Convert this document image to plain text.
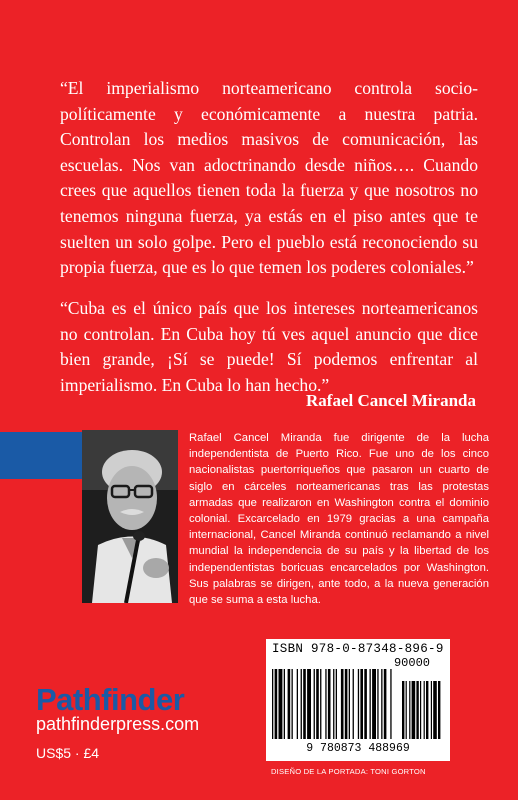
“El imperialismo norteamericano controla socio-políticamente y económicamente a nuestra patria. Controlan los medios masivos de comunicación, las escuelas. Nos van adoctrinando desde niños…. Cuando crees que aquellos tienen toda la fuerza y que nosotros no tenemos ninguna fuerza, ya estás en el piso antes que te suelten un solo golpe. Pero el pueblo está reconociendo su propia fuerza, que es lo que temen los poderes coloniales.”
“Cuba es el único país que los intereses norteamericanos no controlan. En Cuba hoy tú ves aquel anuncio que dice bien grande, ¡Sí se puede! Sí podemos enfrentar al imperialismo. En Cuba lo han hecho.”
Rafael Cancel Miranda
Rafael Cancel Miranda fue dirigente de la lucha independentista de Puerto Rico. Fue uno de los cinco nacionalistas puertorriqueños que pasaron un cuarto de siglo en cárceles norteamericanas tras las protestas armadas que realizaron en Washington contra el dominio colonial. Excarcelado en 1979 gracias a una campaña internacional, Cancel Miranda continuó reclamando a nivel mundial la independencia de su país y la libertad de los independentistas boricuas encarcelados por Washington. Sus palabras se dirigen, ante todo, a la nueva generación que se suma a esta lucha.
Pathfinder
pathfinderpress.com
US$5 · £4
ISBN 978-0-87348-896-9
90000
9 780873 488969
DISEÑO DE LA PORTADA: TONI GORTON
